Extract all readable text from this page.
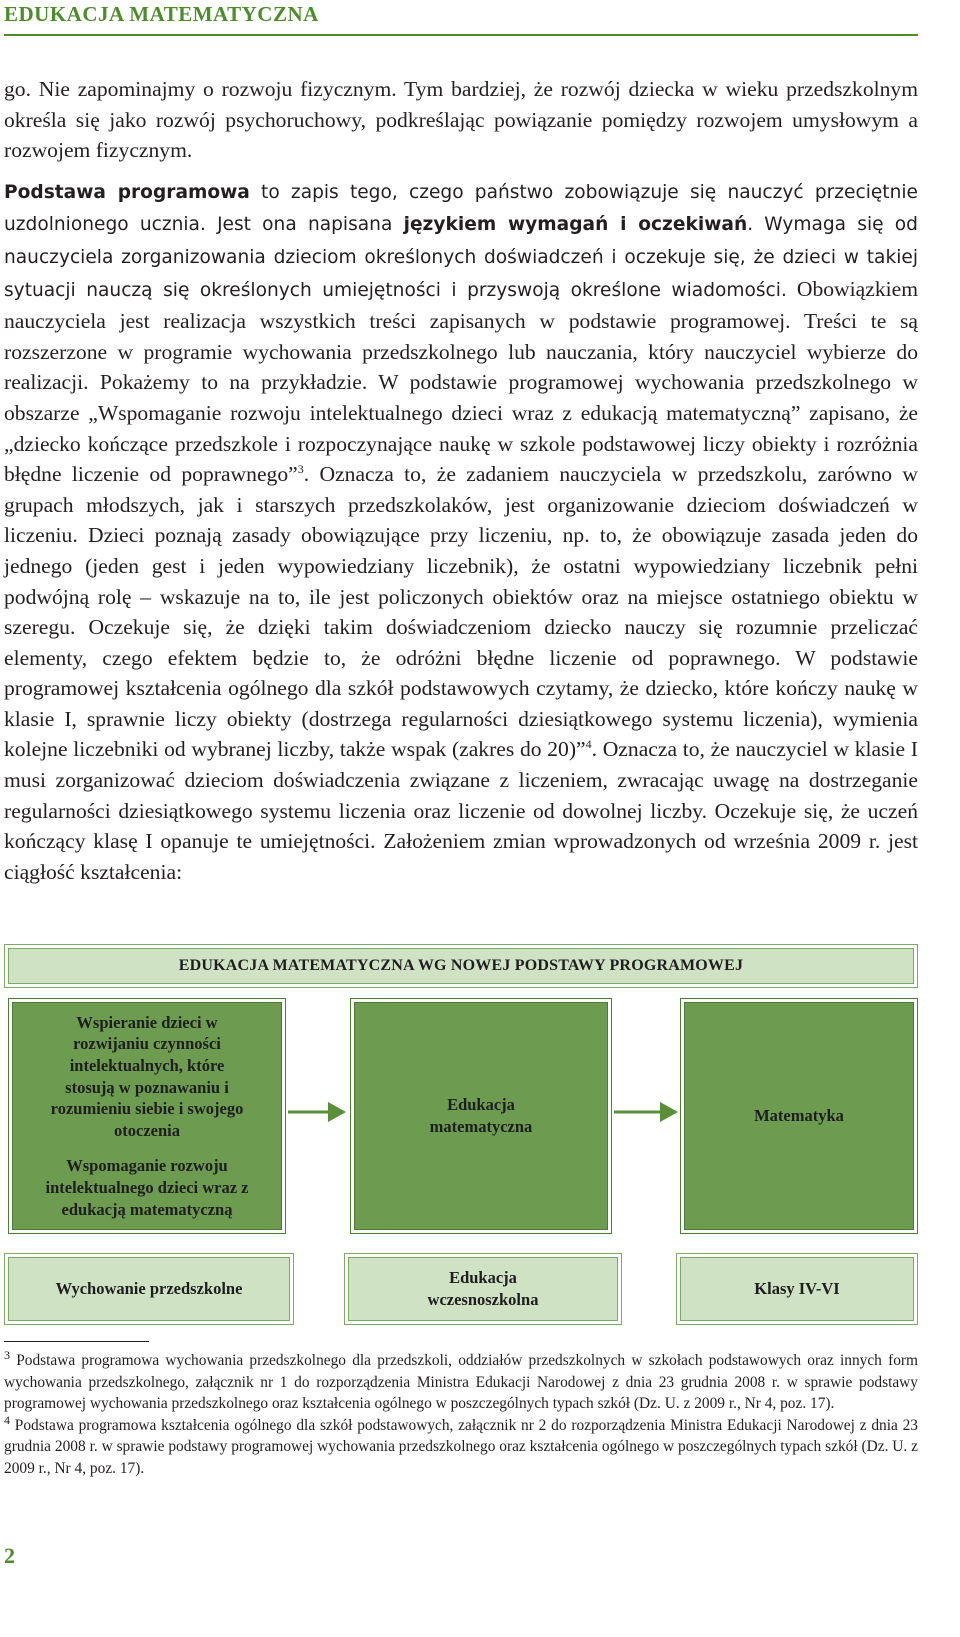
EDUKACJA MATEMATYCZNA

go. Nie zapominajmy o rozwoju fizycznym. Tym bardziej, że rozwój dziecka w wieku przedszkolnym określa się jako rozwój psychoruchowy, podkreślając powiązanie pomiędzy rozwojem umysłowym a rozwojem fizycznym.

Podstawa programowa to zapis tego, czego państwo zobowiązuje się nauczyć przeciętnie uzdolnionego ucznia. Jest ona napisana językiem wymagań i oczekiwań. Wymaga się od nauczyciela zorganizowania dzieciom określonych doświadczeń i oczekuje się, że dzieci w takiej sytuacji nauczą się określonych umiejętności i przyswoją określone wiadomości. Obowiązkiem nauczyciela jest realizacja wszystkich treści zapisanych w podstawie programowej. Treści te są rozszerzone w programie wychowania przedszkolnego lub nauczania, który nauczyciel wybierze do realizacji. Pokażemy to na przykładzie. W podstawie programowej wychowania przedszkolnego w obszarze „Wspomaganie rozwoju intelektualnego dzieci wraz z edukacją matematyczną” zapisano, że „dziecko kończące przedszkole i rozpoczynające naukę w szkole podstawowej liczy obiekty i rozróżnia błędne liczenie od poprawnego”$^3$. Oznacza to, że zadaniem nauczyciela w przedszkolu, zarówno w grupach młodszych, jak i starszych przedszkolaków, jest organizowanie dzieciom doświadczeń w liczeniu. Dzieci poznają zasady obowiązujące przy liczeniu, np. to, że obowiązuje zasada jeden do jednego (jeden gest i jeden wypowiedziany liczebnik), że ostatni wypowiedziany liczebnik pełni podwójną rolę – wskazuje na to, ile jest policzonych obiektów oraz na miejsce ostatniego obiektu w szeregu. Oczekuje się, że dzięki takim doświadczeniom dziecko nauczy się rozumnie przeliczać elementy, czego efektem będzie to, że odróżni błędne liczenie od poprawnego. W podstawie programowej kształcenia ogólnego dla szkół podstawowych czytamy, że dziecko, które kończy naukę w klasie I, sprawnie liczy obiekty (dostrzega regularności dziesiątkowego systemu liczenia), wymienia kolejne liczebniki od wybranej liczby, także wspak (zakres do 20)”$^4$. Oznacza to, że nauczyciel w klasie I musi zorganizować dzieciom doświadczenia związane z liczeniem, zwracając uwagę na dostrzeganie regularności dziesiątkowego systemu liczenia oraz liczenie od dowolnej liczby. Oczekuje się, że uczeń kończący klasę I opanuje te umiejętności. Założeniem zmian wprowadzonych od września 2009 r. jest ciągłość kształcenia:

EDUKACJA MATEMATYCZNA WG NOWEJ PODSTAWY PROGRAMOWEJ
Wspieranie dzieci w rozwijaniu czynności intelektualnych, które stosują w poznawaniu i rozumieniu siebie i swojego otoczenia
Wspomaganie rozwoju intelektualnego dzieci wraz z edukacją matematyczną
Edukacja matematyczna
Matematyka
Wychowanie przedszkolne
Edukacja wczesnoszkolna
Klasy IV-VI

$^3$ Podstawa programowa wychowania przedszkolnego dla przedszkoli, oddziałów przedszkolnych w szkołach podstawowych oraz innych form wychowania przedszkolnego, załącznik nr 1 do rozporządzenia Ministra Edukacji Narodowej z dnia 23 grudnia 2008 r. w sprawie podstawy programowej wychowania przedszkolnego oraz kształcenia ogólnego w poszczególnych typach szkół (Dz. U. z 2009 r., Nr 4, poz. 17).

$^4$ Podstawa programowa kształcenia ogólnego dla szkół podstawowych, załącznik nr 2 do rozporządzenia Ministra Edukacji Narodowej z dnia 23 grudnia 2008 r. w sprawie podstawy programowej wychowania przedszkolnego oraz kształcenia ogólnego w poszczególnych typach szkół (Dz. U. z 2009 r., Nr 4, poz. 17).

2
